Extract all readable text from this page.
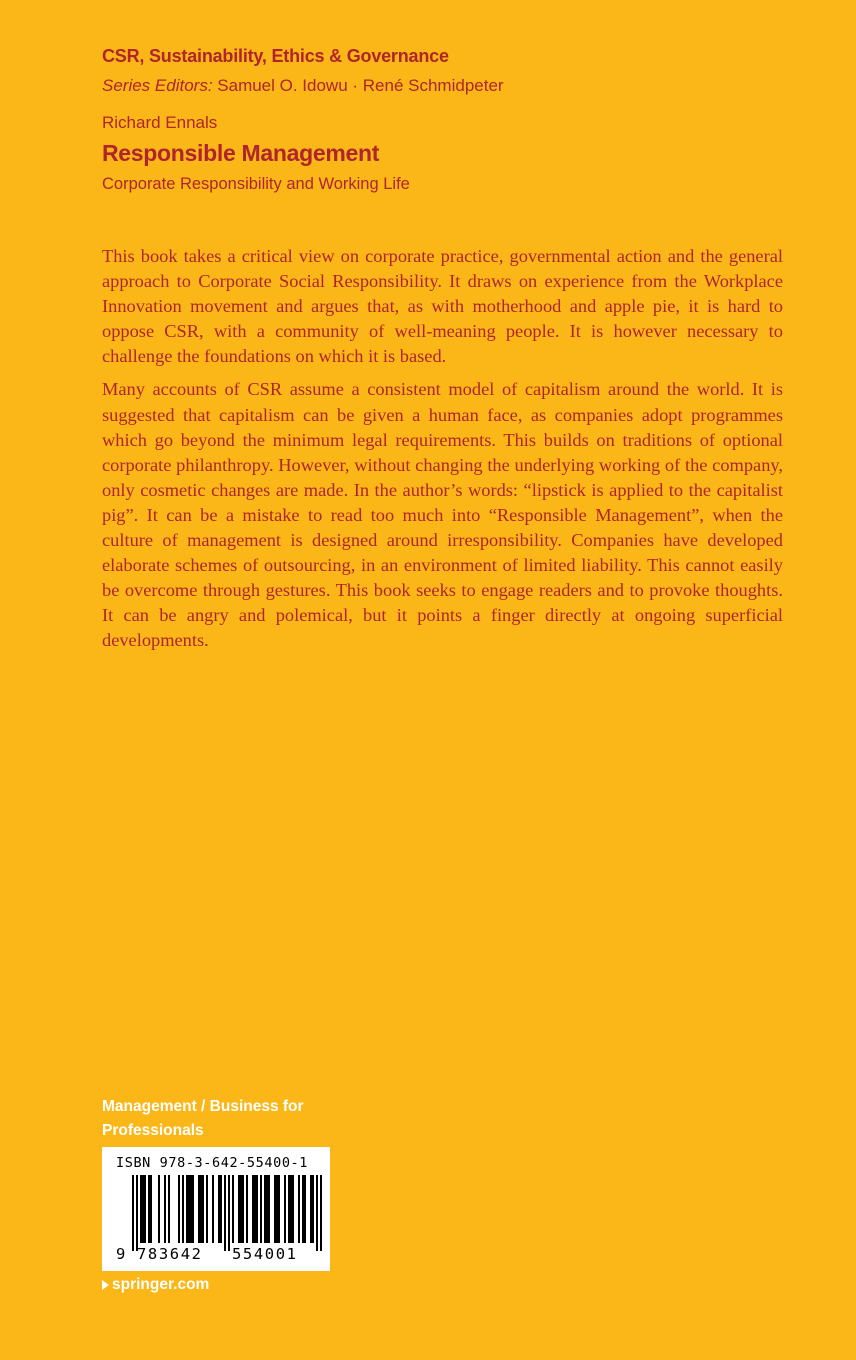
CSR, Sustainability, Ethics & Governance
Series Editors: Samuel O. Idowu · René Schmidpeter
Richard Ennals
Responsible Management
Corporate Responsibility and Working Life

This book takes a critical view on corporate practice, governmental action and the general approach to Corporate Social Responsibility. It draws on experience from the Workplace Innovation movement and argues that, as with motherhood and apple pie, it is hard to oppose CSR, with a community of well-meaning people. It is however necessary to challenge the foundations on which it is based.

Many accounts of CSR assume a consistent model of capitalism around the world. It is suggested that capitalism can be given a human face, as companies adopt programmes which go beyond the minimum legal requirements. This builds on traditions of optional corporate philanthropy. However, without changing the underlying working of the company, only cosmetic changes are made. In the author’s words: “lipstick is applied to the capitalist pig”. It can be a mistake to read too much into “Responsible Management”, when the culture of management is designed around irresponsibility. Companies have developed elaborate schemes of outsourcing, in an environment of limited liability. This cannot easily be overcome through gestures. This book seeks to engage readers and to provoke thoughts. It can be angry and polemical, but it points a finger directly at ongoing superficial developments.

Management / Business for
Professionals
ISBN 978-3-642-55400-1
9 783642 554001
springer.com
